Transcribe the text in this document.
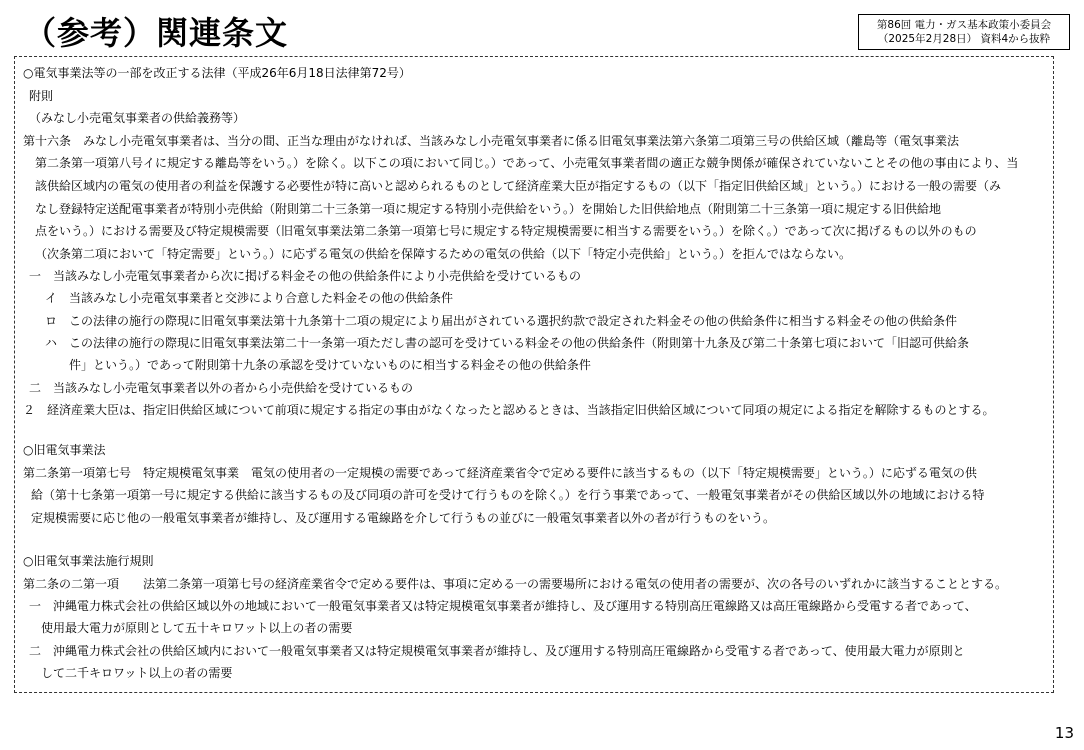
（参考）関連条文	第86回 電力・ガス基本政策小委員会
（2025年2月28日） 資料4から抜粋
○電気事業法等の一部を改正する法律（平成26年6月18日法律第72号）
附則
（みなし小売電気事業者の供給義務等）
第十六条　みなし小売電気事業者は、当分の間、正当な理由がなければ、当該みなし小売電気事業者に係る旧電気事業法第六条第二項第三号の供給区域（離島等（電気事業法
第二条第一項第八号イに規定する離島等をいう。）を除く。以下この項において同じ。）であって、小売電気事業者間の適正な競争関係が確保されていないことその他の事由により、当
該供給区域内の電気の使用者の利益を保護する必要性が特に高いと認められるものとして経済産業大臣が指定するもの（以下「指定旧供給区域」という。）における一般の需要（み
なし登録特定送配電事業者が特別小売供給（附則第二十三条第一項に規定する特別小売供給をいう。）を開始した旧供給地点（附則第二十三条第一項に規定する旧供給地
点をいう。）における需要及び特定規模需要（旧電気事業法第二条第一項第七号に規定する特定規模需要に相当する需要をいう。）を除く。）であって次に掲げるもの以外のもの
（次条第二項において「特定需要」という。）に応ずる電気の供給を保障するための電気の供給（以下「特定小売供給」という。）を拒んではならない。
一　当該みなし小売電気事業者から次に掲げる料金その他の供給条件により小売供給を受けているもの
イ　当該みなし小売電気事業者と交渉により合意した料金その他の供給条件
ロ　この法律の施行の際現に旧電気事業法第十九条第十二項の規定により届出がされている選択約款で設定された料金その他の供給条件に相当する料金その他の供給条件
ハ　この法律の施行の際現に旧電気事業法第二十一条第一項ただし書の認可を受けている料金その他の供給条件（附則第十九条及び第二十条第七項において「旧認可供給条
件」という。）であって附則第十九条の承認を受けていないものに相当する料金その他の供給条件
二　当該みなし小売電気事業者以外の者から小売供給を受けているもの
２　経済産業大臣は、指定旧供給区域について前項に規定する指定の事由がなくなったと認めるときは、当該指定旧供給区域について同項の規定による指定を解除するものとする。
○旧電気事業法
第二条第一項第七号　特定規模電気事業　電気の使用者の一定規模の需要であって経済産業省令で定める要件に該当するもの（以下「特定規模需要」という。）に応ずる電気の供
給（第十七条第一項第一号に規定する供給に該当するもの及び同項の許可を受けて行うものを除く。）を行う事業であって、一般電気事業者がその供給区域以外の地域における特
定規模需要に応じ他の一般電気事業者が維持し、及び運用する電線路を介して行うもの並びに一般電気事業者以外の者が行うものをいう。
○旧電気事業法施行規則
第二条の二第一項　　法第二条第一項第七号の経済産業省令で定める要件は、事項に定める一の需要場所における電気の使用者の需要が、次の各号のいずれかに該当することとする。
一　沖縄電力株式会社の供給区域以外の地域において一般電気事業者又は特定規模電気事業者が維持し、及び運用する特別高圧電線路又は高圧電線路から受電する者であって、
使用最大電力が原則として五十キロワット以上の者の需要
二　沖縄電力株式会社の供給区域内において一般電気事業者又は特定規模電気事業者が維持し、及び運用する特別高圧電線路から受電する者であって、使用最大電力が原則と
して二千キロワット以上の者の需要
13
